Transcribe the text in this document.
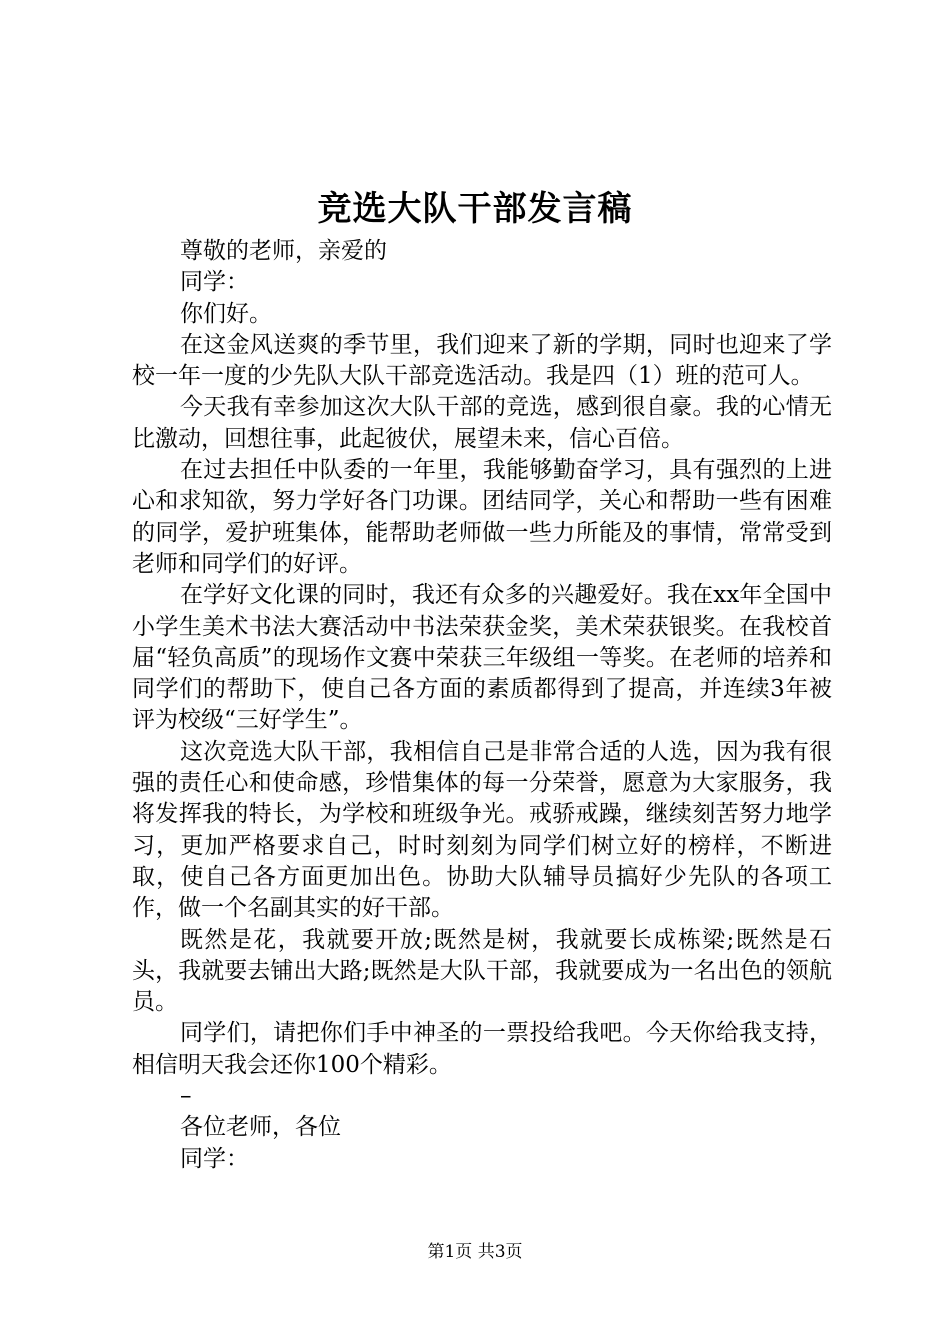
竞选大队干部发言稿

尊敬的老师，亲爱的

同学：

你们好。

在这金风送爽的季节里，我们迎来了新的学期，同时也迎来了学校一年一度的少先队大队干部竞选活动。我是四（1）班的范可人。

今天我有幸参加这次大队干部的竞选，感到很自豪。我的心情无比激动，回想往事，此起彼伏，展望未来，信心百倍。

在过去担任中队委的一年里，我能够勤奋学习，具有强烈的上进心和求知欲，努力学好各门功课。团结同学，关心和帮助一些有困难的同学，爱护班集体，能帮助老师做一些力所能及的事情，常常受到老师和同学们的好评。

在学好文化课的同时，我还有众多的兴趣爱好。我在xx年全国中小学生美术书法大赛活动中书法荣获金奖，美术荣获银奖。在我校首届“轻负高质”的现场作文赛中荣获三年级组一等奖。在老师的培养和同学们的帮助下，使自己各方面的素质都得到了提高，并连续3年被评为校级“三好学生”。

这次竞选大队干部，我相信自己是非常合适的人选，因为我有很强的责任心和使命感，珍惜集体的每一分荣誉，愿意为大家服务，我将发挥我的特长，为学校和班级争光。戒骄戒躁，继续刻苦努力地学习，更加严格要求自己，时时刻刻为同学们树立好的榜样，不断进取，使自己各方面更加出色。协助大队辅导员搞好少先队的各项工作，做一个名副其实的好干部。

既然是花，我就要开放;既然是树，我就要长成栋梁;既然是石头，我就要去铺出大路;既然是大队干部，我就要成为一名出色的领航员。

同学们，请把你们手中神圣的一票投给我吧。今天你给我支持，相信明天我会还你100个精彩。

–

各位老师，各位

同学：

第1页 共3页
